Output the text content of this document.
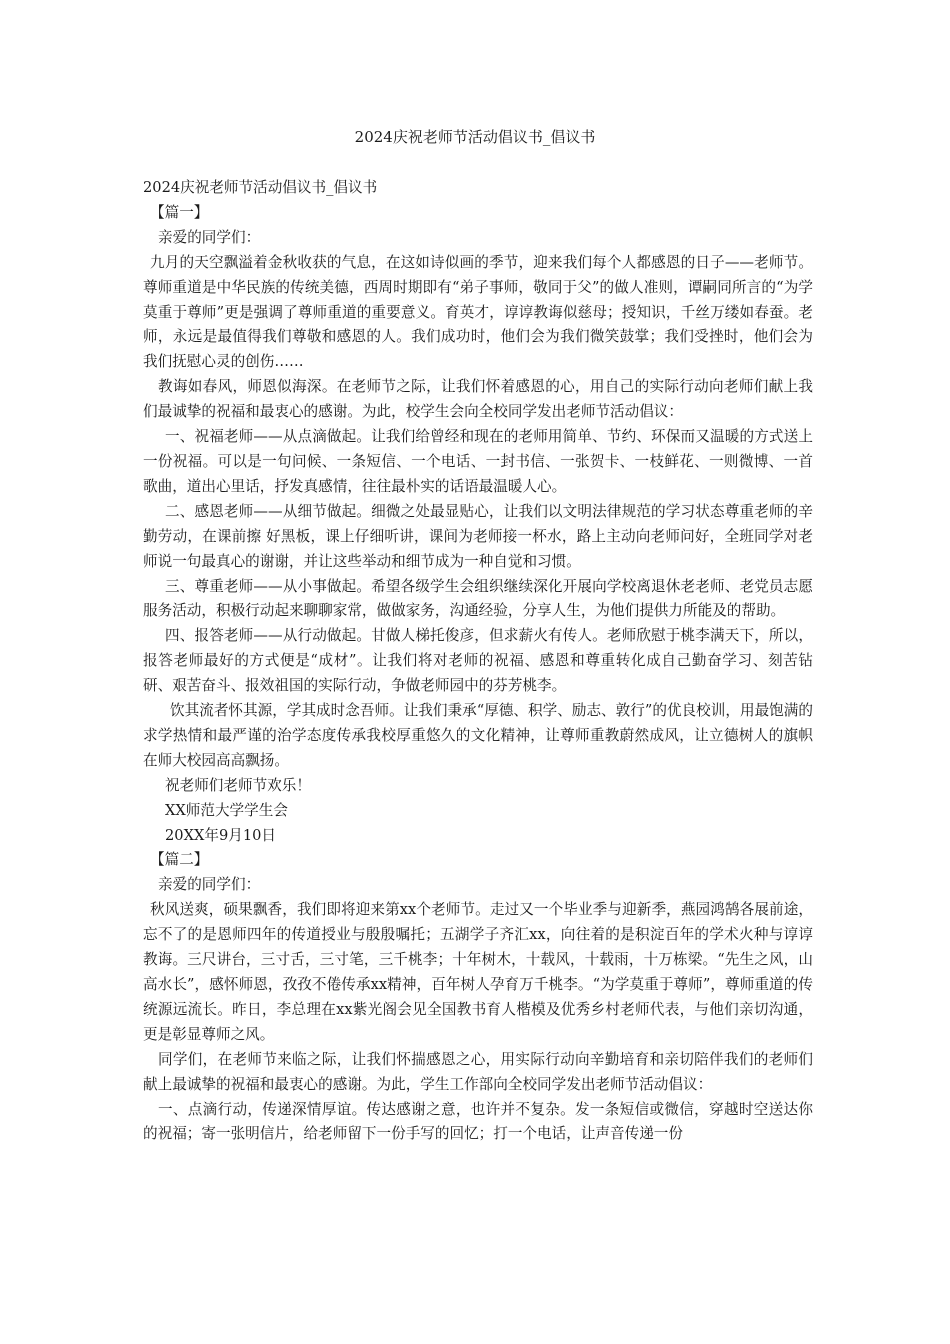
2024庆祝老师节活动倡议书_倡议书

2024庆祝老师节活动倡议书_倡议书

【篇一】

亲爱的同学们：

九月的天空飘溢着金秋收获的气息，在这如诗似画的季节，迎来我们每个人都感恩的日子——老师节。尊师重道是中华民族的传统美德，西周时期即有“弟子事师，敬同于父”的做人准则，谭嗣同所言的“为学莫重于尊师”更是强调了尊师重道的重要意义。育英才，谆谆教诲似慈母；授知识，千丝万缕如春蚕。老师，永远是最值得我们尊敬和感恩的人。我们成功时，他们会为我们微笑鼓掌；我们受挫时，他们会为我们抚慰心灵的创伤……

教诲如春风，师恩似海深。在老师节之际，让我们怀着感恩的心，用自己的实际行动向老师们献上我们最诚挚的祝福和最衷心的感谢。为此，校学生会向全校同学发出老师节活动倡议：

一、祝福老师——从点滴做起。让我们给曾经和现在的老师用简单、节约、环保而又温暖的方式送上一份祝福。可以是一句问候、一条短信、一个电话、一封书信、一张贺卡、一枝鲜花、一则微博、一首歌曲，道出心里话，抒发真感情，往往最朴实的话语最温暖人心。

二、感恩老师——从细节做起。细微之处最显贴心，让我们以文明法律规范的学习状态尊重老师的辛勤劳动，在课前擦 好黑板，课上仔细听讲，课间为老师接一杯水，路上主动向老师问好，全班同学对老师说一句最真心的谢谢，并让这些举动和细节成为一种自觉和习惯。

三、尊重老师——从小事做起。希望各级学生会组织继续深化开展向学校离退休老老师、老党员志愿服务活动，积极行动起来聊聊家常，做做家务，沟通经验，分享人生，为他们提供力所能及的帮助。

四、报答老师——从行动做起。甘做人梯托俊彦，但求薪火有传人。老师欣慰于桃李满天下，所以，报答老师最好的方式便是“成材”。让我们将对老师的祝福、感恩和尊重转化成自己勤奋学习、刻苦钻研、艰苦奋斗、报效祖国的实际行动，争做老师园中的芬芳桃李。

饮其流者怀其源，学其成时念吾师。让我们秉承“厚德、积学、励志、敦行”的优良校训，用最饱满的求学热情和最严谨的治学态度传承我校厚重悠久的文化精神，让尊师重教蔚然成风，让立德树人的旗帜在师大校园高高飘扬。

祝老师们老师节欢乐！

XX师范大学学生会

20XX年9月10日

【篇二】

亲爱的同学们：

秋风送爽，硕果飘香，我们即将迎来第xx个老师节。走过又一个毕业季与迎新季，燕园鸿鹄各展前途，忘不了的是恩师四年的传道授业与殷殷嘱托；五湖学子齐汇xx，向往着的是积淀百年的学术火种与谆谆教诲。三尺讲台，三寸舌，三寸笔，三千桃李；十年树木，十载风，十载雨，十万栋梁。“先生之风，山高水长”，感怀师恩，孜孜不倦传承xx精神，百年树人孕育万千桃李。“为学莫重于尊师”，尊师重道的传统源远流长。昨日，李总理在xx紫光阁会见全国教书育人楷模及优秀乡村老师代表，与他们亲切沟通，更是彰显尊师之风。

同学们，在老师节来临之际，让我们怀揣感恩之心，用实际行动向辛勤培育和亲切陪伴我们的老师们献上最诚挚的祝福和最衷心的感谢。为此，学生工作部向全校同学发出老师节活动倡议：

一、点滴行动，传递深情厚谊。传达感谢之意，也许并不复杂。发一条短信或微信，穿越时空送达你的祝福；寄一张明信片，给老师留下一份手写的回忆；打一个电话，让声音传递一份
